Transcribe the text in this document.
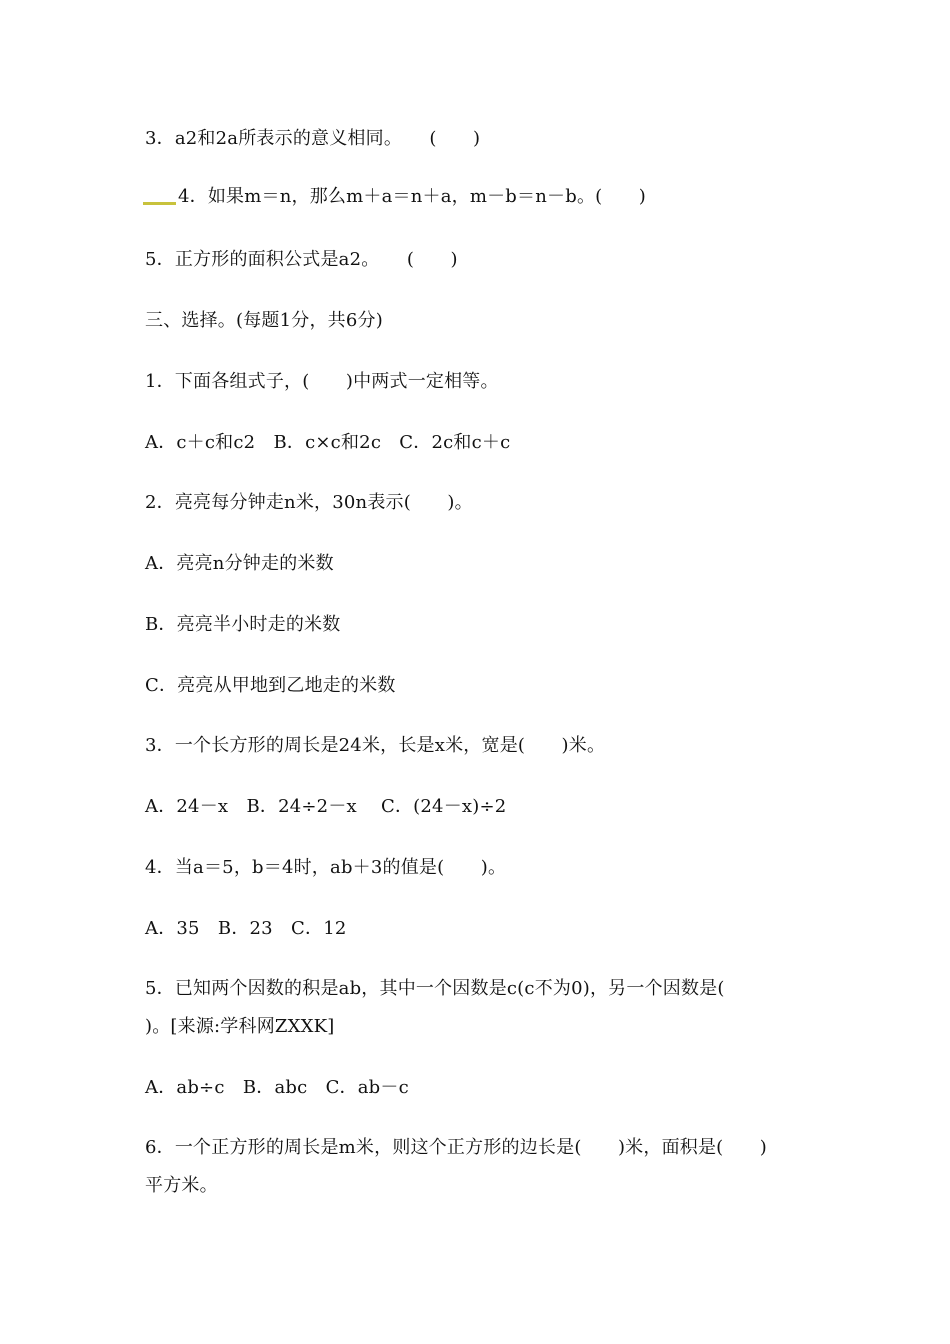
3．a2和2a所表示的意义相同。　　(　　)
4．如果m＝n，那么m＋a＝n＋a，m－b＝n－b。(　　)
5．正方形的面积公式是a2。　　(　　)
三、选择。(每题1分，共6分)
1．下面各组式子，(　　)中两式一定相等。
A．c＋c和c2　B．c×c和2c　C．2c和c＋c
2．亮亮每分钟走n米，30n表示(　　)。
A．亮亮n分钟走的米数
B．亮亮半小时走的米数
C．亮亮从甲地到乙地走的米数
3．一个长方形的周长是24米，长是x米，宽是(　　)米。
A．24－x　B．24÷2－x　 C．(24－x)÷2
4．当a＝5，b＝4时，ab＋3的值是(　　)。
A．35　B．23　C．12
5．已知两个因数的积是ab，其中一个因数是c(c不为0)，另一个因数是(
)。[来源:学科网ZXXK]
A．ab÷c　B．abc　C．ab－c
6．一个正方形的周长是m米，则这个正方形的边长是(　　)米，面积是(　　)
平方米。
